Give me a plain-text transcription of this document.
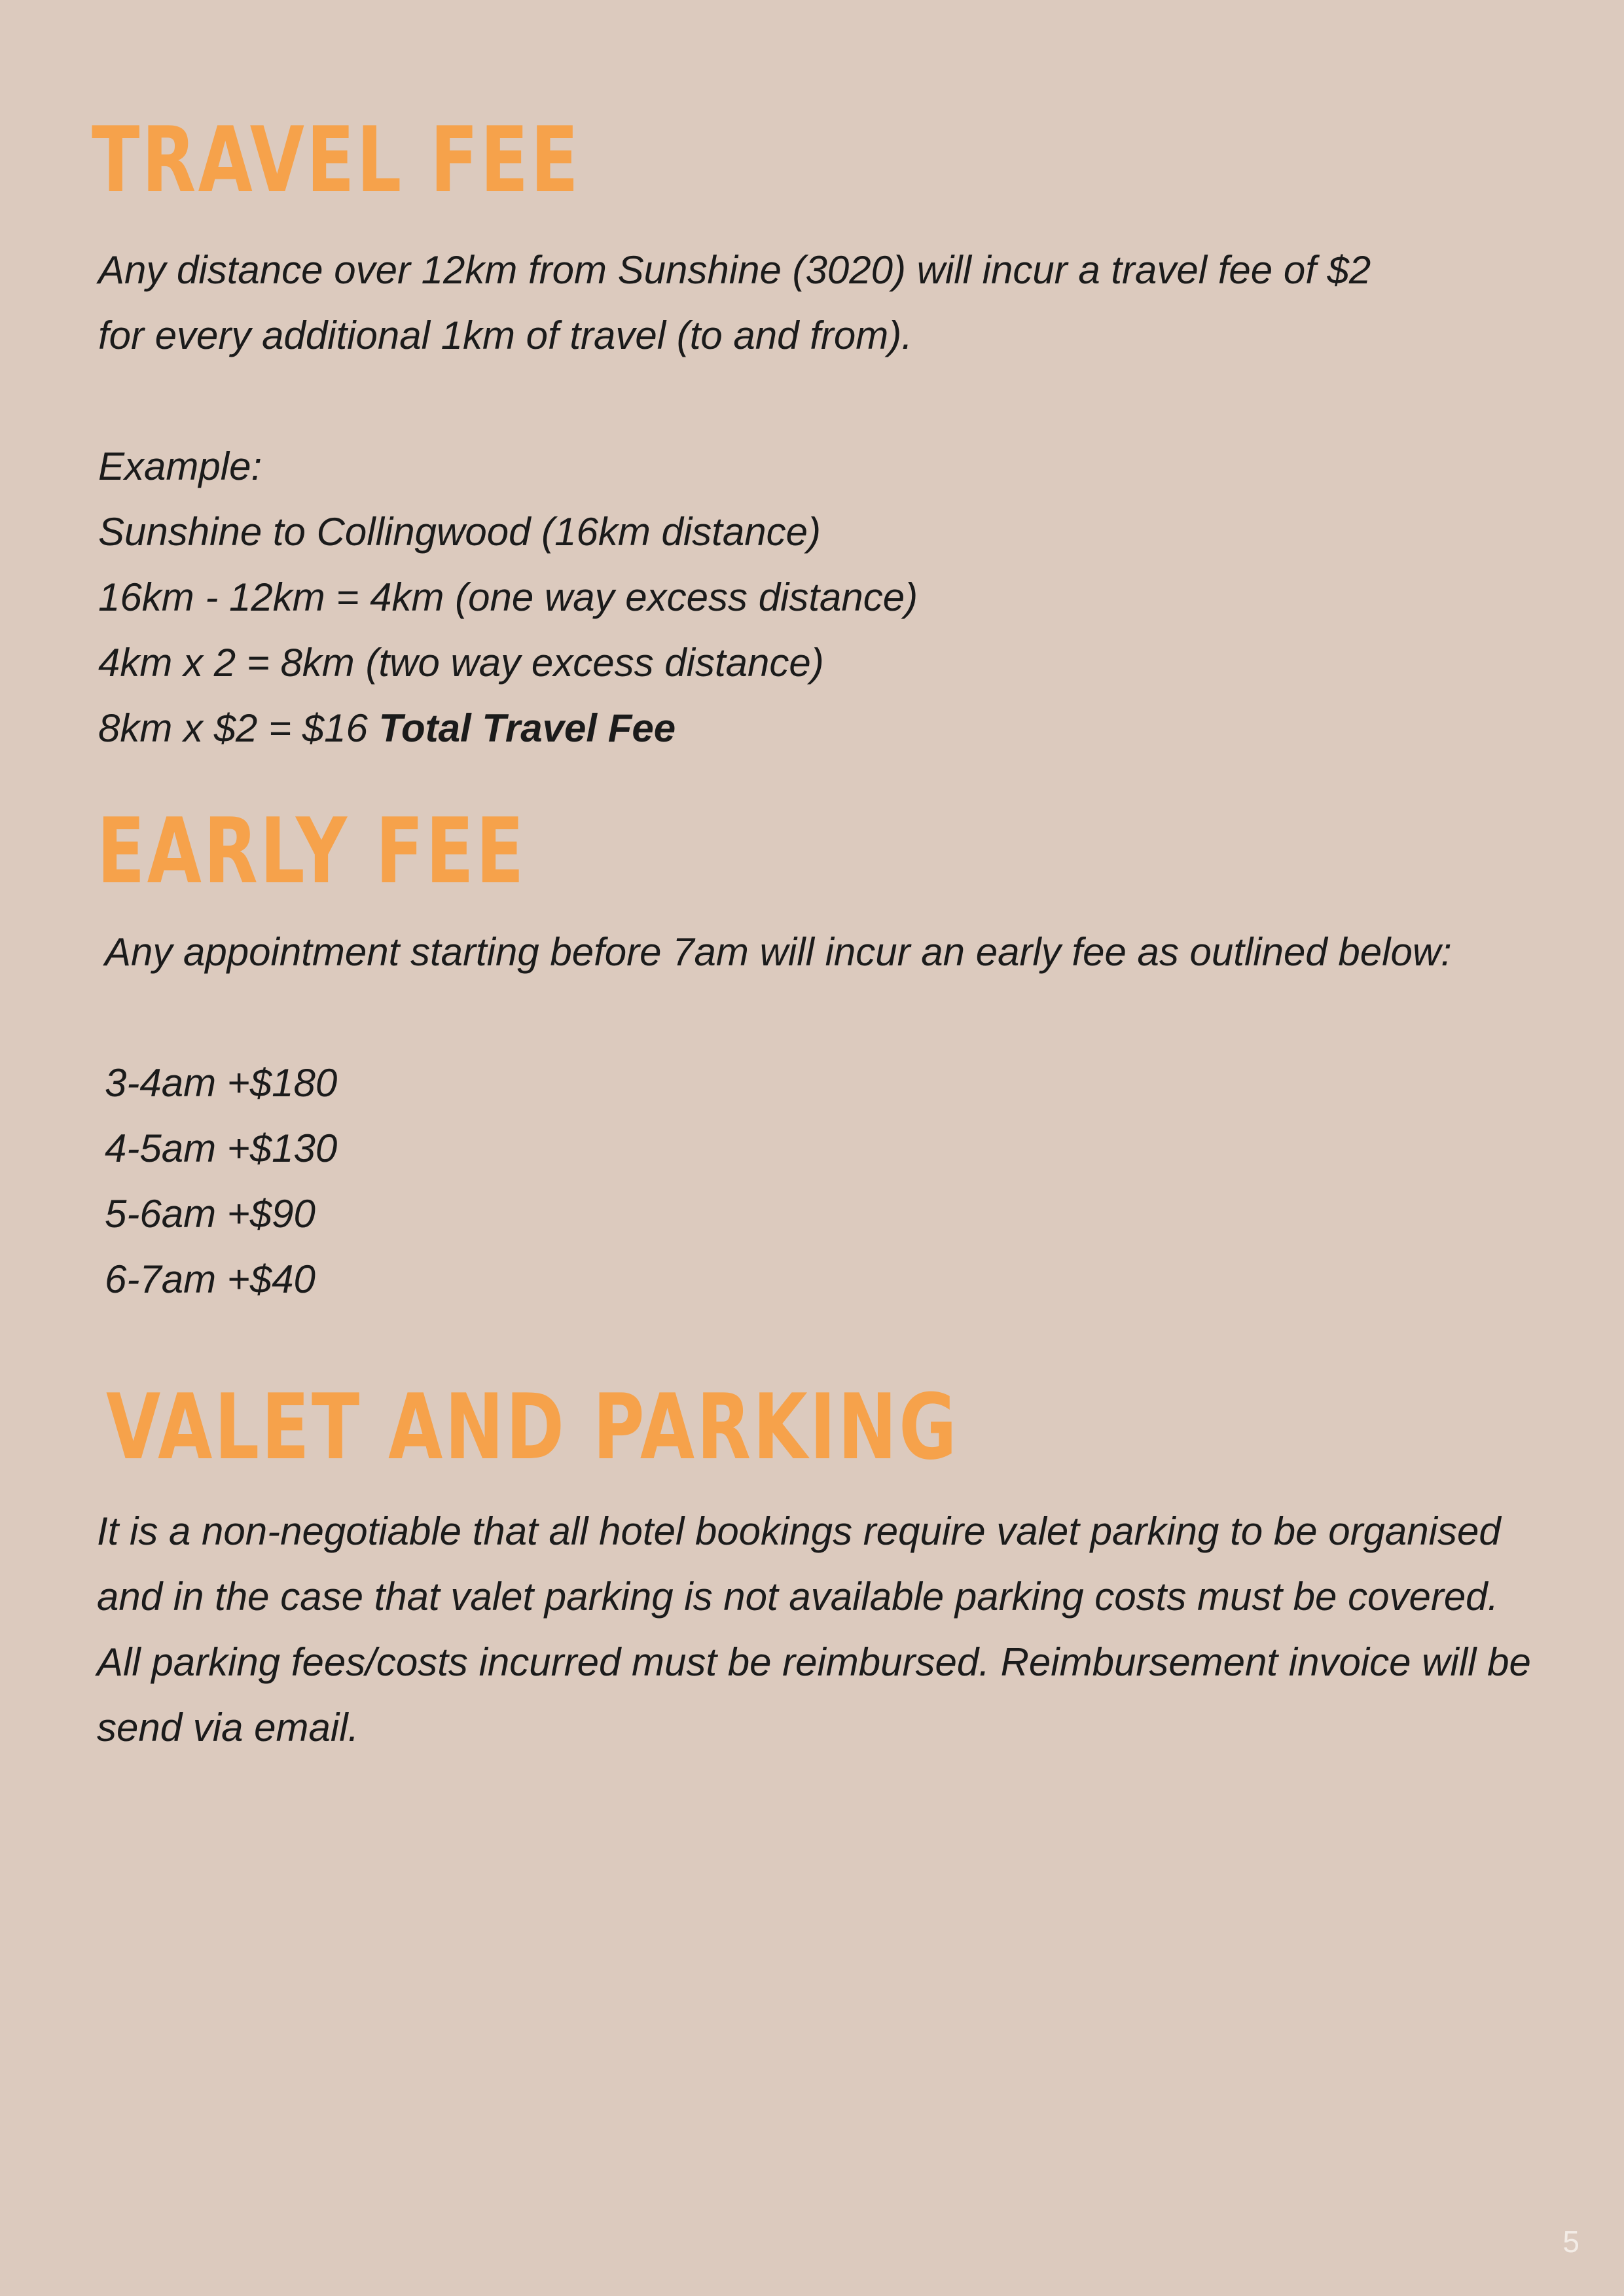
TRAVEL FEE
Any distance over 12km from Sunshine (3020) will incur a travel fee of $2
for every additional 1km of travel (to and from).
Example:
Sunshine to Collingwood (16km distance)
16km - 12km = 4km (one way excess distance)
4km x 2 = 8km (two way excess distance)
8km x $2 = $16 Total Travel Fee
EARLY FEE
Any appointment starting before 7am will incur an early fee as outlined below:
3-4am +$180
4-5am +$130
5-6am +$90
6-7am +$40
VALET AND PARKING
It is a non-negotiable that all hotel bookings require valet parking to be organised
and in the case that valet parking is not available parking costs must be covered.
All parking fees/costs incurred must be reimbursed. Reimbursement invoice will be
send via email.
5
